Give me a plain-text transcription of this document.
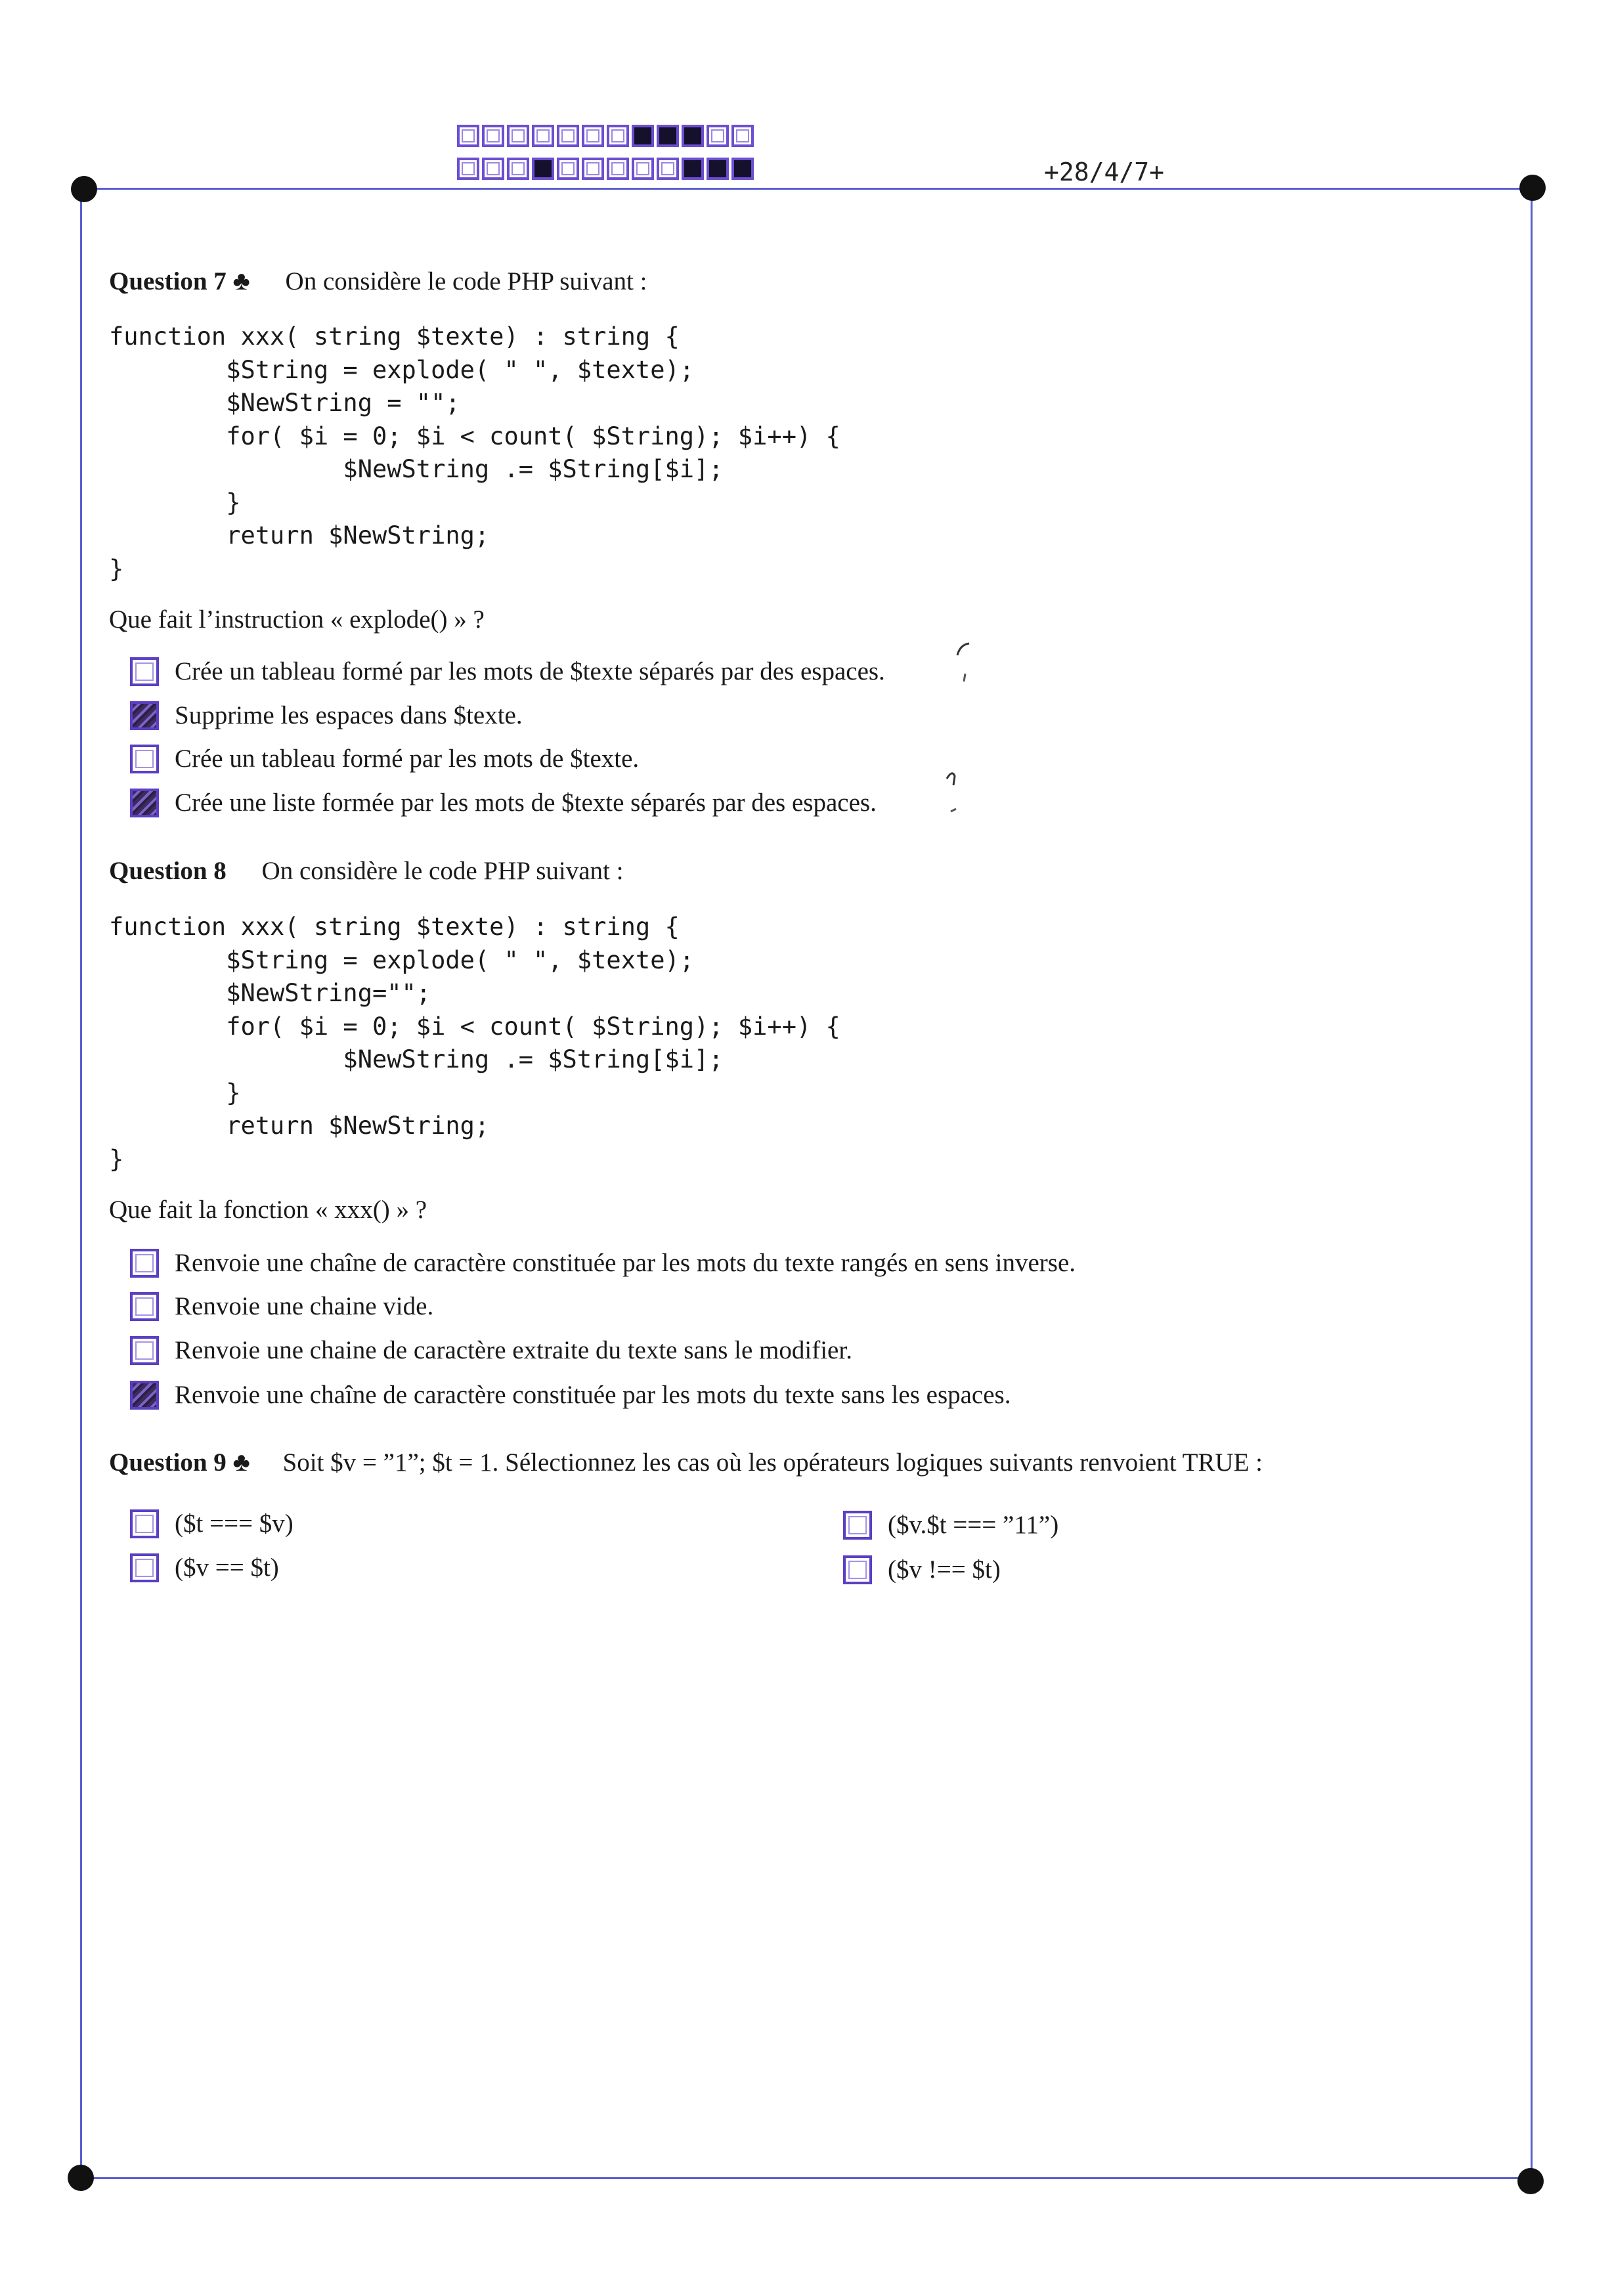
+28/4/7+
Question 7 ♣ On considère le code PHP suivant :
function xxx( string $texte) : string {
$String = explode( " ", $texte);
$NewString = "";
for( $i = 0; $i < count( $String); $i++) {
$NewString .= $String[$i];
}
return $NewString;
}
Que fait l’instruction « explode() » ?
Crée un tableau formé par les mots de $texte séparés par des espaces.
Supprime les espaces dans $texte.
Crée un tableau formé par les mots de $texte.
Crée une liste formée par les mots de $texte séparés par des espaces.
Question 8 On considère le code PHP suivant :
function xxx( string $texte) : string {
$String = explode( " ", $texte);
$NewString="";
for( $i = 0; $i < count( $String); $i++) {
$NewString .= $String[$i];
}
return $NewString;
}
Que fait la fonction « xxx() » ?
Renvoie une chaîne de caractère constituée par les mots du texte rangés en sens inverse.
Renvoie une chaine vide.
Renvoie une chaine de caractère extraite du texte sans le modifier.
Renvoie une chaîne de caractère constituée par les mots du texte sans les espaces.
Question 9 ♣ Soit $v = ”1”; $t = 1. Sélectionnez les cas où les opérateurs logiques suivants renvoient TRUE :
($t === $v)
($v == $t)
($v.$t === ”11”)
($v !== $t)
